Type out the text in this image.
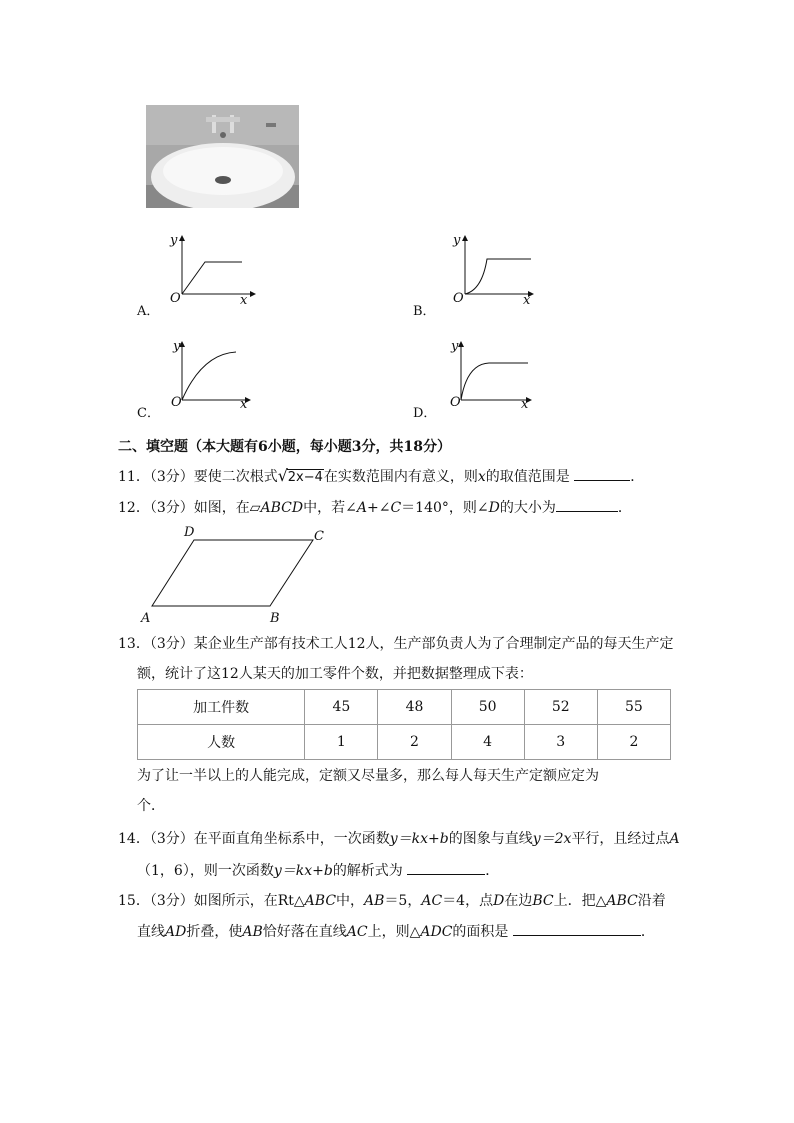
y
x
O
A．
y
x
O
B．
y
x
O
C．
y
x
O
D．
二、填空题（本大题有6小题，每小题3分，共18分）
11．（3分）要使二次根式 √ 2x−4在实数范围内有意义，则x的取值范围是	．
12．（3分）如图，在▱ABCD中，若∠A+∠C＝140°，则∠D的大小为	．
A	B
C
D
13．（3分）某企业生产部有技术工人12人，生产部负责人为了合理制定产品的每天生产定
额，统计了这12人某天的加工零件个数，并把数据整理成下表：
加工件数	45	48	50	52	55
人数	1	2	4	3	2
为了让一半以上的人能完成，定额又尽量多，那么每人每天生产定额应定为
个．
14．（3分）在平面直角坐标系中，一次函数y＝kx+b的图象与直线y＝2x平行，且经过点A
（1，6），则一次函数y＝kx+b的解析式为	．
15．（3分）如图所示，在Rt△ABC中，AB＝5，AC＝4，点D在边BC上．把△ABC沿着
直线AD折叠，使AB恰好落在直线AC上，则△ADC的面积是	．
